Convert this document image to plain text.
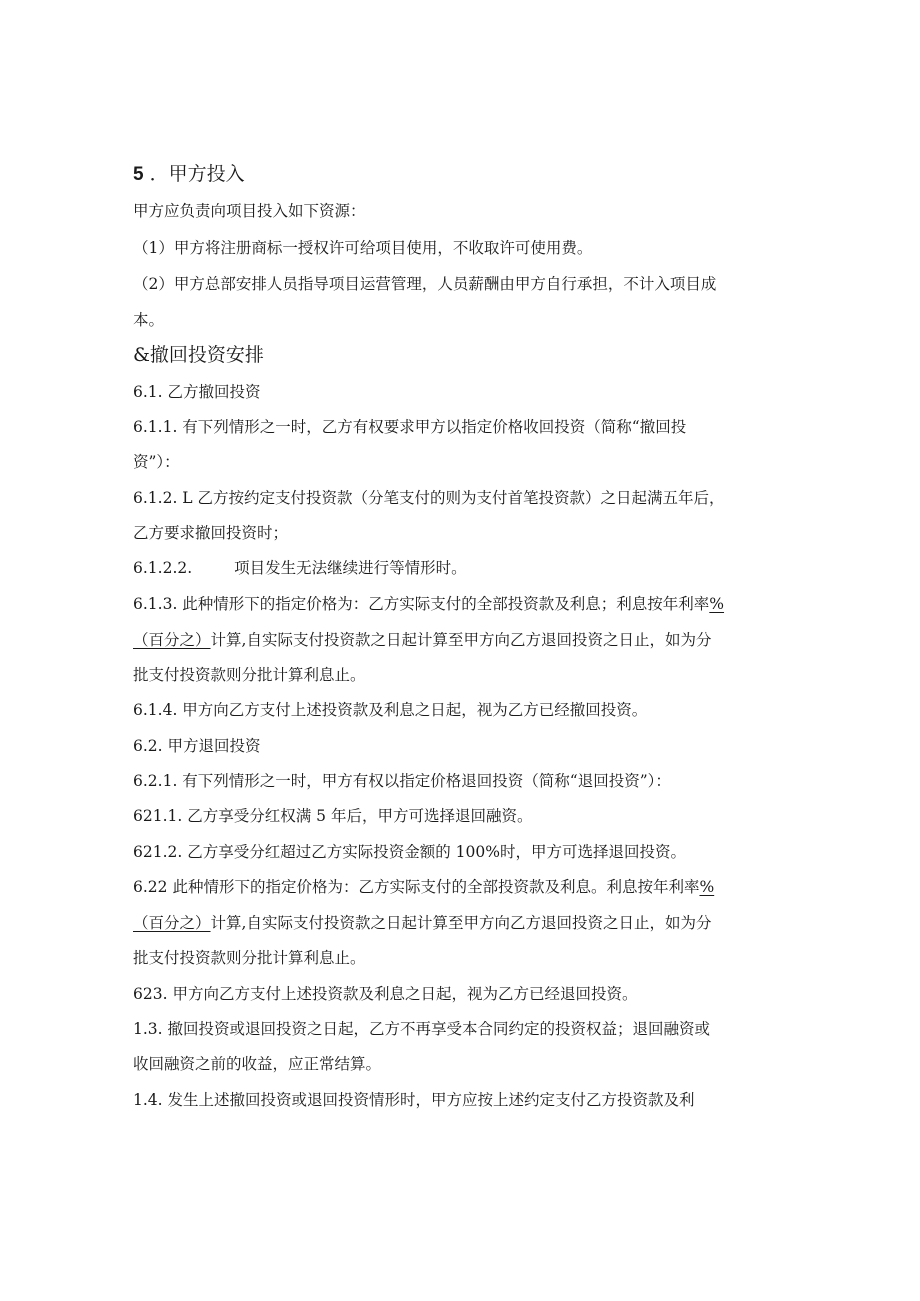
5 ．甲方投入
甲方应负责向项目投入如下资源：
（1）甲方将注册商标一授权许可给项目使用，不收取许可使用费。
（2）甲方总部安排人员指导项目运营管理，人员薪酬由甲方自行承担，不计入项目成
本。
&撤回投资安排
6.1. 乙方撤回投资
6.1.1. 有下列情形之一时，乙方有权要求甲方以指定价格收回投资（简称“撤回投
资”）：
6.1.2. L 乙方按约定支付投资款（分笔支付的则为支付首笔投资款）之日起满五年后，
乙方要求撤回投资时；
6.1.2.2.	项目发生无法继续进行等情形时。
6.1.3. 此种情形下的指定价格为：乙方实际支付的全部投资款及利息；利息按年利率%
（百分之）计算,自实际支付投资款之日起计算至甲方向乙方退回投资之日止，如为分
批支付投资款则分批计算利息止。
6.1.4. 甲方向乙方支付上述投资款及利息之日起，视为乙方已经撤回投资。
6.2. 甲方退回投资
6.2.1. 有下列情形之一时，甲方有权以指定价格退回投资（简称“退回投资”）：
621.1. 乙方享受分红权满 5 年后，甲方可选择退回融资。
621.2. 乙方享受分红超过乙方实际投资金额的 100%时，甲方可选择退回投资。
6.22 此种情形下的指定价格为：乙方实际支付的全部投资款及利息。利息按年利率%
（百分之）计算,自实际支付投资款之日起计算至甲方向乙方退回投资之日止，如为分
批支付投资款则分批计算利息止。
623. 甲方向乙方支付上述投资款及利息之日起，视为乙方已经退回投资。
1.3. 撤回投资或退回投资之日起，乙方不再享受本合同约定的投资权益；退回融资或
收回融资之前的收益，应正常结算。
1.4. 发生上述撤回投资或退回投资情形时，甲方应按上述约定支付乙方投资款及利
